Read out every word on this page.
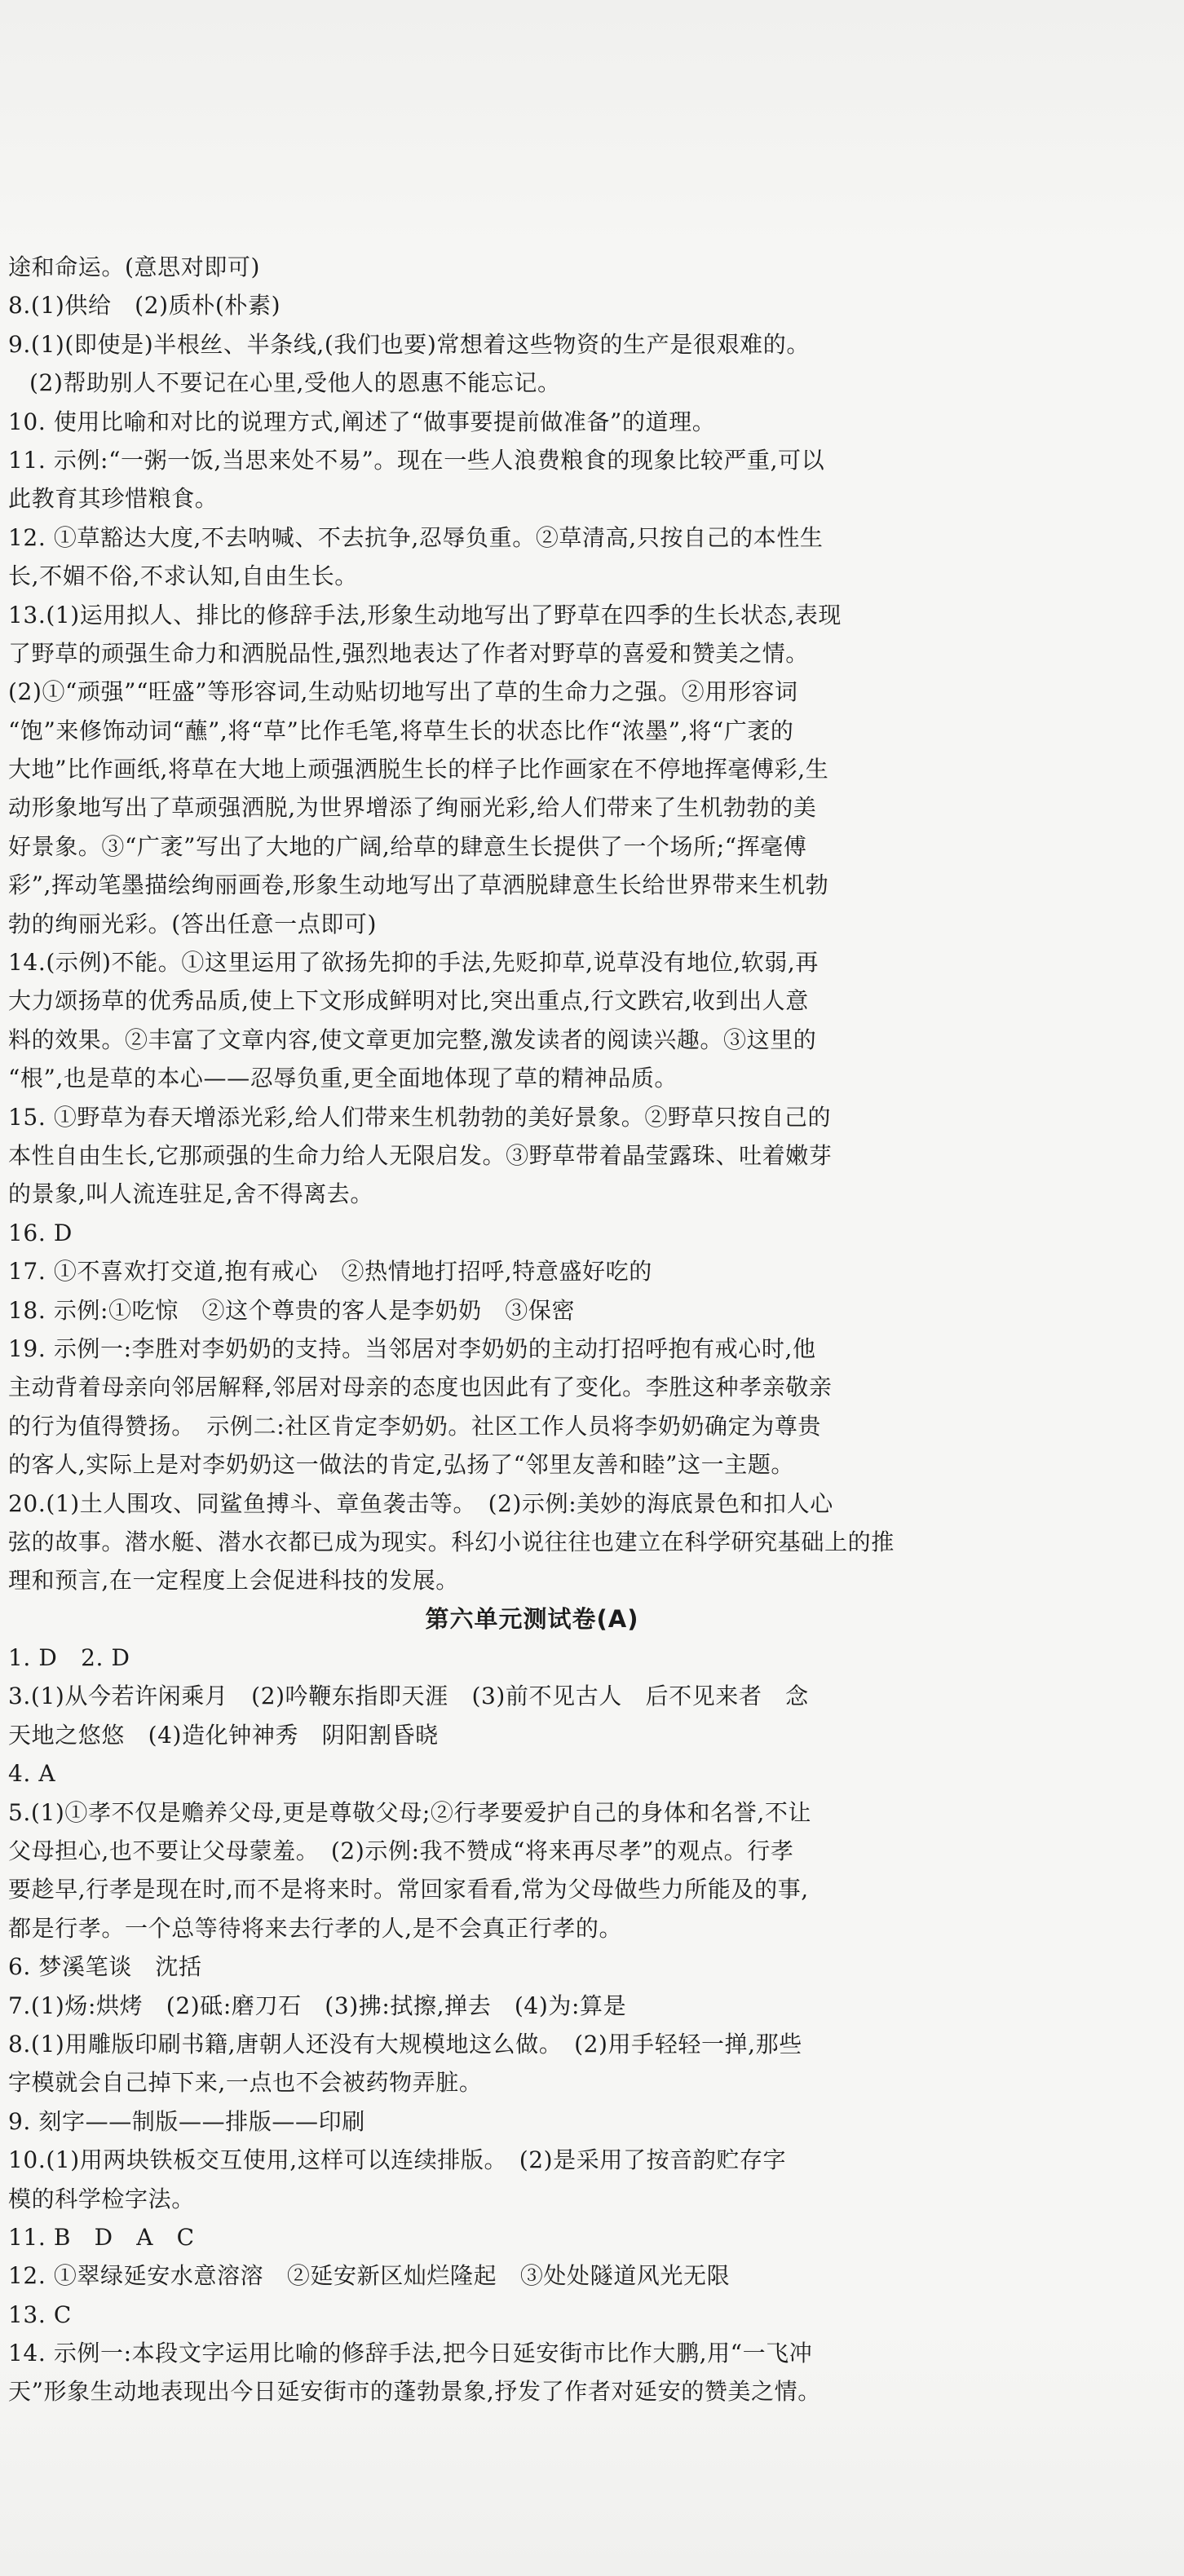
途和命运。(意思对即可)
8.(1)供给　(2)质朴(朴素)
9.(1)(即使是)半根丝、半条线,(我们也要)常想着这些物资的生产是很艰难的。
(2)帮助别人不要记在心里,受他人的恩惠不能忘记。
10. 使用比喻和对比的说理方式,阐述了“做事要提前做准备”的道理。
11. 示例:“一粥一饭,当思来处不易”。现在一些人浪费粮食的现象比较严重,可以
此教育其珍惜粮食。
12. ①草豁达大度,不去呐喊、不去抗争,忍辱负重。②草清高,只按自己的本性生
长,不媚不俗,不求认知,自由生长。
13.(1)运用拟人、排比的修辞手法,形象生动地写出了野草在四季的生长状态,表现
了野草的顽强生命力和洒脱品性,强烈地表达了作者对野草的喜爱和赞美之情。
(2)①“顽强”“旺盛”等形容词,生动贴切地写出了草的生命力之强。②用形容词
“饱”来修饰动词“蘸”,将“草”比作毛笔,将草生长的状态比作“浓墨”,将“广袤的
大地”比作画纸,将草在大地上顽强洒脱生长的样子比作画家在不停地挥毫傅彩,生
动形象地写出了草顽强洒脱,为世界增添了绚丽光彩,给人们带来了生机勃勃的美
好景象。③“广袤”写出了大地的广阔,给草的肆意生长提供了一个场所;“挥毫傅
彩”,挥动笔墨描绘绚丽画卷,形象生动地写出了草洒脱肆意生长给世界带来生机勃
勃的绚丽光彩。(答出任意一点即可)
14.(示例)不能。①这里运用了欲扬先抑的手法,先贬抑草,说草没有地位,软弱,再
大力颂扬草的优秀品质,使上下文形成鲜明对比,突出重点,行文跌宕,收到出人意
料的效果。②丰富了文章内容,使文章更加完整,激发读者的阅读兴趣。③这里的
“根”,也是草的本心——忍辱负重,更全面地体现了草的精神品质。
15. ①野草为春天增添光彩,给人们带来生机勃勃的美好景象。②野草只按自己的
本性自由生长,它那顽强的生命力给人无限启发。③野草带着晶莹露珠、吐着嫩芽
的景象,叫人流连驻足,舍不得离去。
16. D
17. ①不喜欢打交道,抱有戒心　②热情地打招呼,特意盛好吃的
18. 示例:①吃惊　②这个尊贵的客人是李奶奶　③保密
19. 示例一:李胜对李奶奶的支持。当邻居对李奶奶的主动打招呼抱有戒心时,他
主动背着母亲向邻居解释,邻居对母亲的态度也因此有了变化。李胜这种孝亲敬亲
的行为值得赞扬。　示例二:社区肯定李奶奶。社区工作人员将李奶奶确定为尊贵
的客人,实际上是对李奶奶这一做法的肯定,弘扬了“邻里友善和睦”这一主题。
20.(1)土人围攻、同鲨鱼搏斗、章鱼袭击等。　(2)示例:美妙的海底景色和扣人心
弦的故事。潜水艇、潜水衣都已成为现实。科幻小说往往也建立在科学研究基础上的推
理和预言,在一定程度上会促进科技的发展。
第六单元测试卷(A)
1. D　2. D
3.(1)从今若许闲乘月　(2)吟鞭东指即天涯　(3)前不见古人　后不见来者　念
天地之悠悠　(4)造化钟神秀　阴阳割昏晓
4. A
5.(1)①孝不仅是赡养父母,更是尊敬父母;②行孝要爱护自己的身体和名誉,不让
父母担心,也不要让父母蒙羞。　(2)示例:我不赞成“将来再尽孝”的观点。行孝
要趁早,行孝是现在时,而不是将来时。常回家看看,常为父母做些力所能及的事,
都是行孝。一个总等待将来去行孝的人,是不会真正行孝的。
6. 梦溪笔谈　沈括
7.(1)炀:烘烤　(2)砥:磨刀石　(3)拂:拭擦,掸去　(4)为:算是
8.(1)用雕版印刷书籍,唐朝人还没有大规模地这么做。　(2)用手轻轻一掸,那些
字模就会自己掉下来,一点也不会被药物弄脏。
9. 刻字——制版——排版——印刷
10.(1)用两块铁板交互使用,这样可以连续排版。　(2)是采用了按音韵贮存字
模的科学检字法。
11. B　D　A　C
12. ①翠绿延安水意溶溶　②延安新区灿烂隆起　③处处隧道风光无限
13. C
14. 示例一:本段文字运用比喻的修辞手法,把今日延安街市比作大鹏,用“一飞冲
天”形象生动地表现出今日延安街市的蓬勃景象,抒发了作者对延安的赞美之情。
